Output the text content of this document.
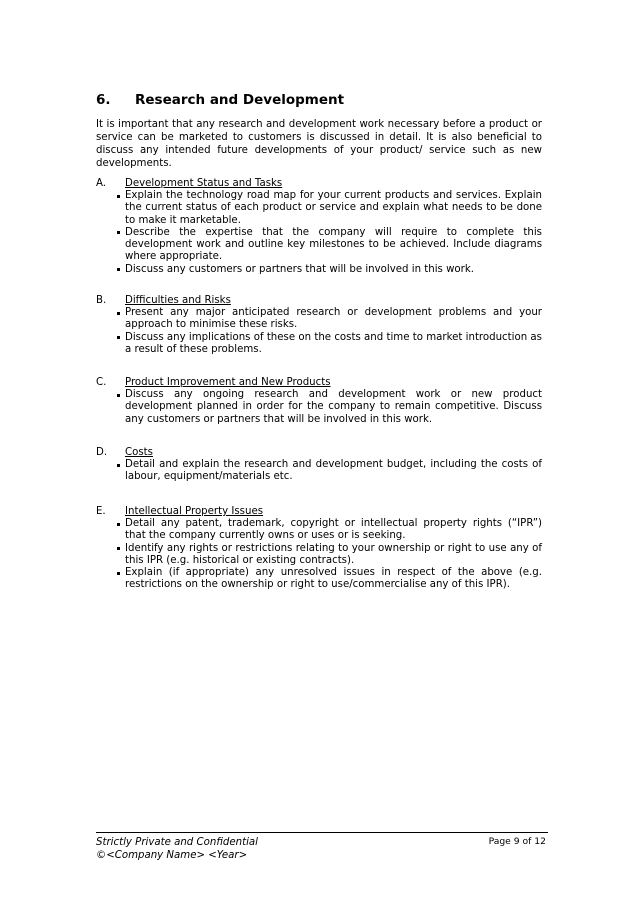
6. Research and Development
It is important that any research and development work necessary before a product or service can be marketed to customers is discussed in detail. It is also beneficial to discuss any intended future developments of your product/ service such as new developments.
A. Development Status and Tasks
Explain the technology road map for your current products and services. Explain the current status of each product or service and explain what needs to be done to make it marketable.
Describe the expertise that the company will require to complete this development work and outline key milestones to be achieved. Include diagrams where appropriate.
Discuss any customers or partners that will be involved in this work.
B. Difficulties and Risks
Present any major anticipated research or development problems and your approach to minimise these risks.
Discuss any implications of these on the costs and time to market introduction as a result of these problems.
C. Product Improvement and New Products
Discuss any ongoing research and development work or new product development planned in order for the company to remain competitive. Discuss any customers or partners that will be involved in this work.
D. Costs
Detail and explain the research and development budget, including the costs of labour, equipment/materials etc.
E. Intellectual Property Issues
Detail any patent, trademark, copyright or intellectual property rights (“IPR”) that the company currently owns or uses or is seeking.
Identify any rights or restrictions relating to your ownership or right to use any of this IPR (e.g. historical or existing contracts).
Explain (if appropriate) any unresolved issues in respect of the above (e.g. restrictions on the ownership or right to use/commercialise any of this IPR).
Strictly Private and Confidential
©<Company Name> <Year>
Page 9 of 12
